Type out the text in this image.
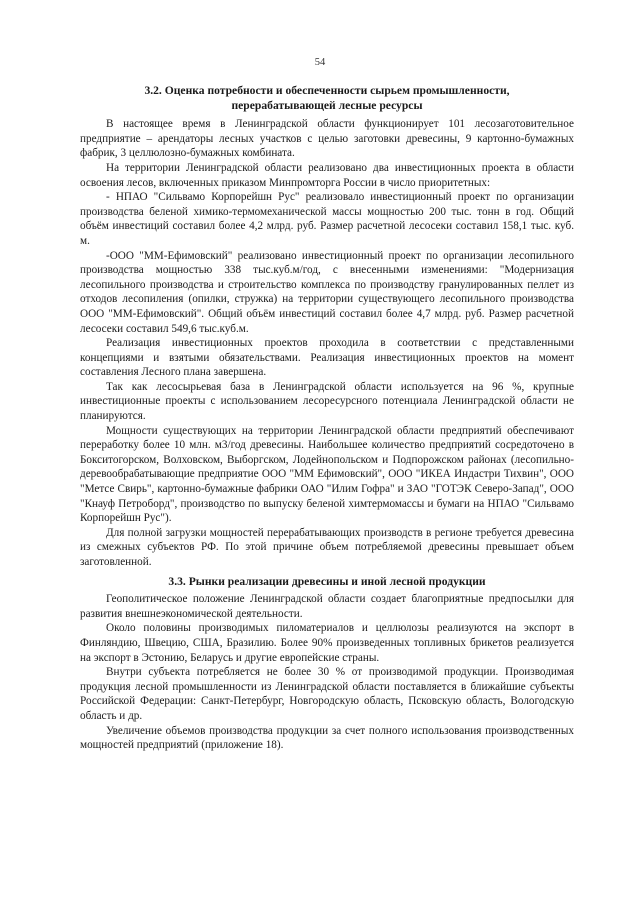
54
3.2. Оценка потребности и обеспеченности сырьем промышленности,
перерабатывающей лесные ресурсы

В настоящее время в Ленинградской области функционирует 101 лесозаготовительное предприятие – арендаторы лесных участков с целью заготовки древесины, 9 картонно-бумажных фабрик, 3 целлюлозно-бумажных комбината.

На территории Ленинградской области реализовано два инвестиционных проекта в области освоения лесов, включенных приказом Минпромторга России в число приоритетных:

- НПАО "Сильвамо Корпорейшн Рус" реализовало инвестиционный проект по организации производства беленой химико-термомеханической массы мощностью 200 тыс. тонн в год. Общий объём инвестиций составил более 4,2 млрд. руб. Размер расчетной лесосеки составил 158,1 тыс. куб. м.

-ООО "ММ-Ефимовский" реализовано инвестиционный проект по организации лесопильного производства мощностью 338 тыс.куб.м/год, с внесенными изменениями: "Модернизация лесопильного производства и строительство комплекса по производству гранулированных пеллет из отходов лесопиления (опилки, стружка) на территории существующего лесопильного производства ООО "ММ-Ефимовский". Общий объём инвестиций составил более 4,7 млрд. руб. Размер расчетной лесосеки составил 549,6 тыс.куб.м.

Реализация инвестиционных проектов проходила в соответствии с представленными концепциями и взятыми обязательствами. Реализация инвестиционных проектов на момент составления Лесного плана завершена.

Так как лесосырьевая база в Ленинградской области используется на 96 %, крупные инвестиционные проекты с использованием лесоресурсного потенциала Ленинградской области не планируются.

Мощности существующих на территории Ленинградской области предприятий обеспечивают переработку более 10 млн. м3/год древесины. Наибольшее количество предприятий сосредоточено в Бокситогорском, Волховском, Выборгском, Лодейнопольском и Подпорожском районах (лесопильно-деревообрабатывающие предприятие ООО "ММ Ефимовский", ООО "ИКЕА Индастри Тихвин", ООО "Метсе Свирь", картонно-бумажные фабрики ОАО "Илим Гофра" и ЗАО "ГОТЭК Северо-Запад", ООО "Кнауф Петроборд", производство по выпуску беленой химтермомассы и бумаги на НПАО "Сильвамо Корпорейшн Рус").

Для полной загрузки мощностей перерабатывающих производств в регионе требуется древесина из смежных субъектов РФ. По этой причине объем потребляемой древесины превышает объем заготовленной.

3.3. Рынки реализации древесины и иной лесной продукции

Геополитическое положение Ленинградской области создает благоприятные предпосылки для развития внешнеэкономической деятельности.

Около половины производимых пиломатериалов и целлюлозы реализуются на экспорт в Финляндию, Швецию, США, Бразилию. Более 90% произведенных топливных брикетов реализуется на экспорт в Эстонию, Беларусь и другие европейские страны.

Внутри субъекта потребляется не более 30 % от производимой продукции. Производимая продукция лесной промышленности из Ленинградской области поставляется в ближайшие субъекты Российской Федерации: Санкт-Петербург, Новгородскую область, Псковскую область, Вологодскую область и др.

Увеличение объемов производства продукции за счет полного использования производственных мощностей предприятий (приложение 18).
